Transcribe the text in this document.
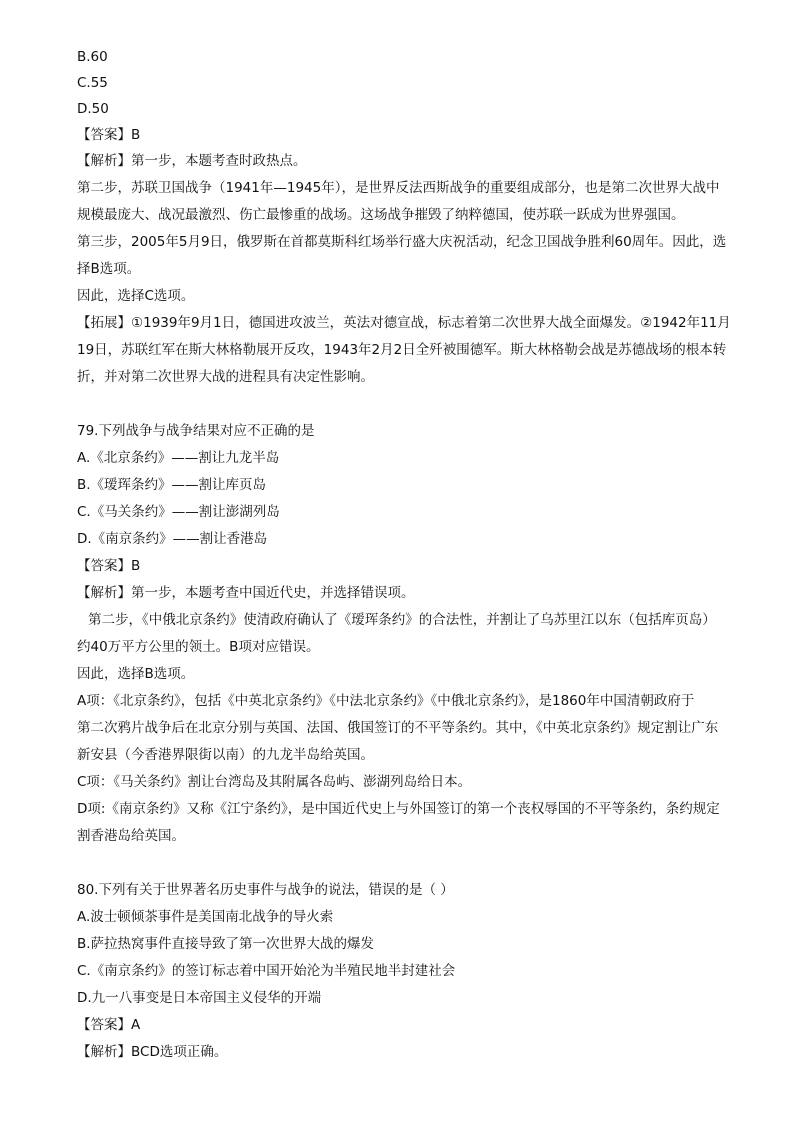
B.60
C.55
D.50
【答案】B
【解析】第一步，本题考查时政热点。
第二步，苏联卫国战争（1941年—1945年），是世界反法西斯战争的重要组成部分，也是第二次世界大战中
规模最庞大、战况最激烈、伤亡最惨重的战场。这场战争摧毁了纳粹德国，使苏联一跃成为世界强国。
第三步，2005年5月9日，俄罗斯在首都莫斯科红场举行盛大庆祝活动，纪念卫国战争胜利60周年。因此，选
择B选项。
因此，选择C选项。
【拓展】①1939年9月1日，德国进攻波兰，英法对德宣战，标志着第二次世界大战全面爆发。②1942年11月
19日，苏联红军在斯大林格勒展开反攻，1943年2月2日全歼被围德军。斯大林格勒会战是苏德战场的根本转
折，并对第二次世界大战的进程具有决定性影响。
79.下列战争与战争结果对应不正确的是
A.《北京条约》——割让九龙半岛
B.《瑷珲条约》——割让库页岛
C.《马关条约》——割让澎湖列岛
D.《南京条约》——割让香港岛
【答案】B
【解析】第一步，本题考查中国近代史，并选择错误项。
第二步，《中俄北京条约》使清政府确认了《瑷珲条约》的合法性，并割让了乌苏里江以东（包括库页岛）
约40万平方公里的领土。B项对应错误。
因此，选择B选项。
A项：《北京条约》，包括《中英北京条约》《中法北京条约》《中俄北京条约》，是1860年中国清朝政府于
第二次鸦片战争后在北京分别与英国、法国、俄国签订的不平等条约。其中，《中英北京条约》规定割让广东
新安县（今香港界限街以南）的九龙半岛给英国。
C项：《马关条约》割让台湾岛及其附属各岛屿、澎湖列岛给日本。
D项:《南京条约》又称《江宁条约》，是中国近代史上与外国签订的第一个丧权辱国的不平等条约，条约规定
割香港岛给英国。
80.下列有关于世界著名历史事件与战争的说法，错误的是（ ）
A.波士顿倾茶事件是美国南北战争的导火索
B.萨拉热窝事件直接导致了第一次世界大战的爆发
C.《南京条约》的签订标志着中国开始沦为半殖民地半封建社会
D.九一八事变是日本帝国主义侵华的开端
【答案】A
【解析】BCD选项正确。
